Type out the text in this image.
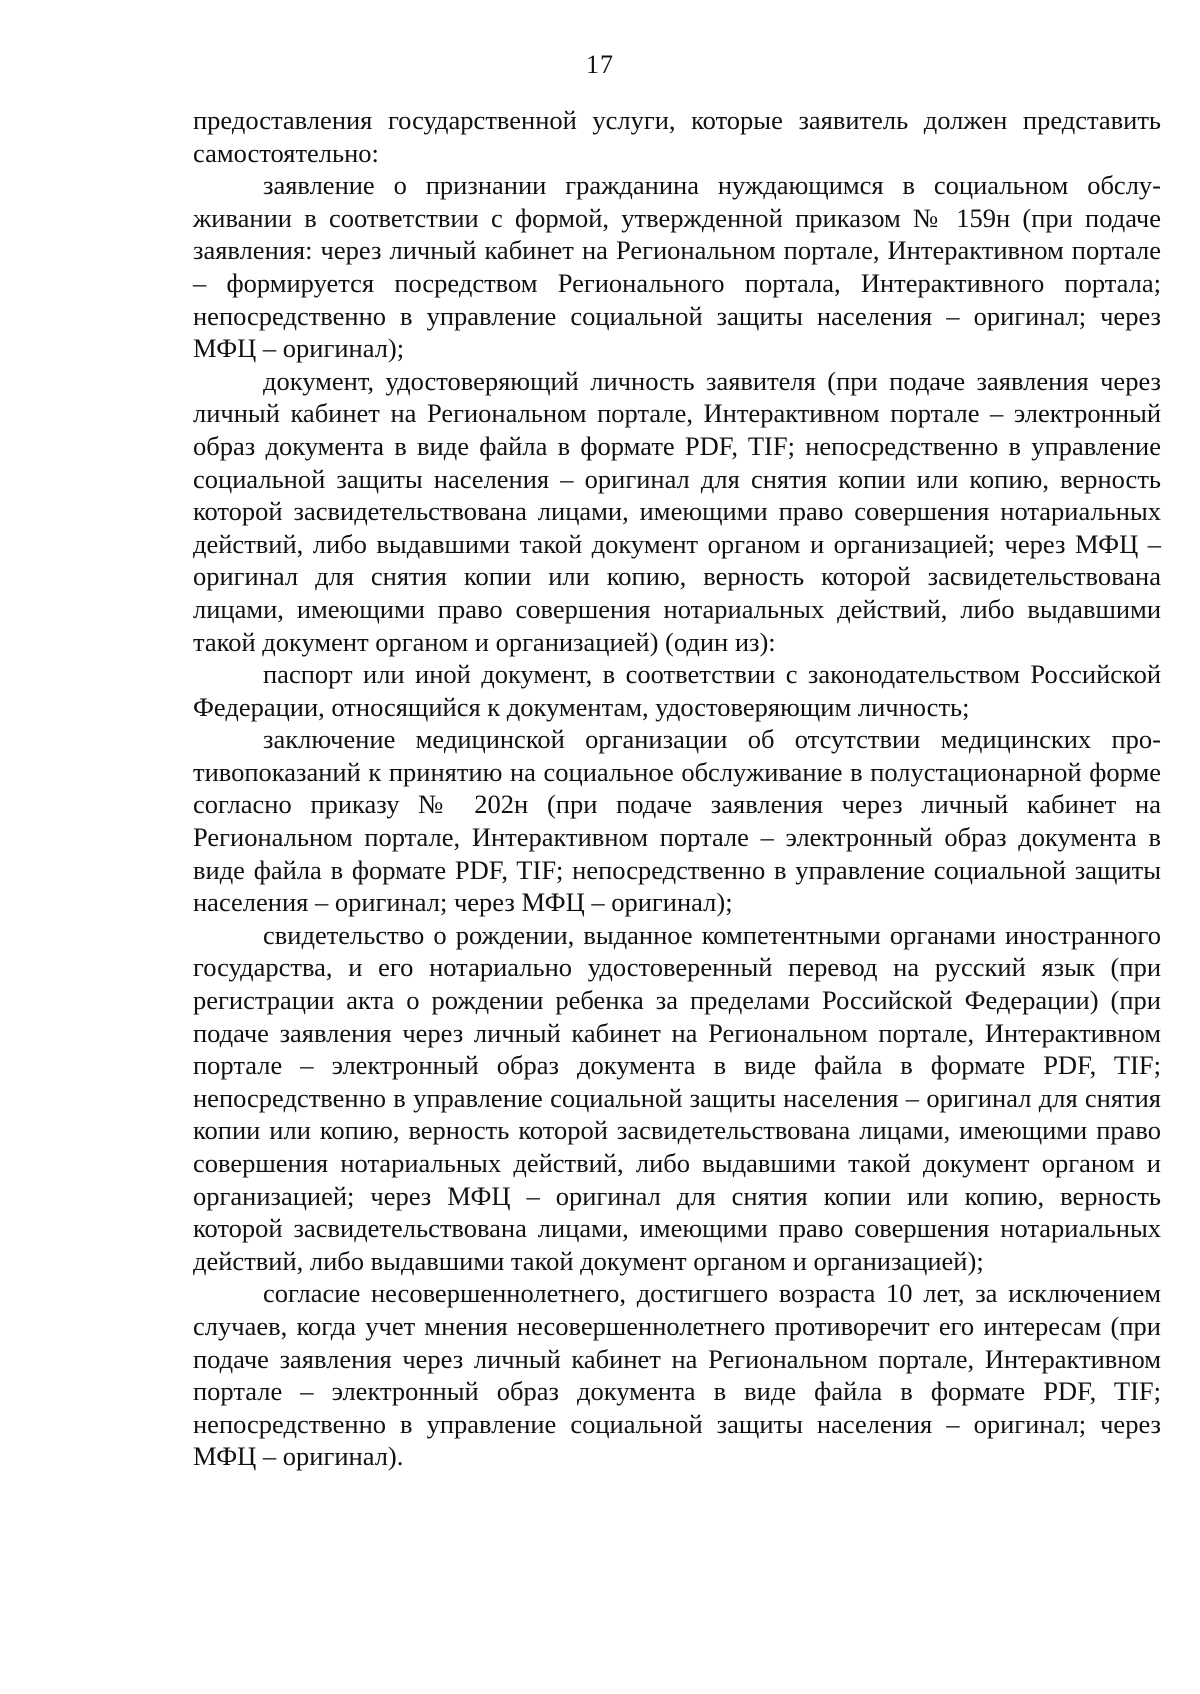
17

предоставления государственной услуги, которые заявитель должен представить самостоятельно:

заявление о признании гражданина нуждающимся в социальном обслуживании в соответствии с формой, утвержденной приказом № 159н (при подаче заявления: через личный кабинет на Региональном портале, Интерактивном портале – формируется посредством Регионального портала, Интерактивного портала; непосредственно в управление социальной защиты населения – оригинал; через МФЦ – оригинал);

документ, удостоверяющий личность заявителя (при подаче заявления через личный кабинет на Региональном портале, Интерактивном портале – электронный образ документа в виде файла в формате PDF, TIF; непосредственно в управление социальной защиты населения – оригинал для снятия копии или копию, верность которой засвидетельствована лицами, имеющими право совершения нотариальных действий, либо выдавшими такой документ органом и организацией; через МФЦ – оригинал для снятия копии или копию, верность которой засвидетельствована лицами, имеющими право совершения нотариальных действий, либо выдавшими такой документ органом и организацией) (один из):

паспорт или иной документ, в соответствии с законодательством Российской Федерации, относящийся к документам, удостоверяющим личность;

заключение медицинской организации об отсутствии медицинских противопоказаний к принятию на социальное обслуживание в полустационарной форме согласно приказу № 202н (при подаче заявления через личный кабинет на Региональном портале, Интерактивном портале – электронный образ документа в виде файла в формате PDF, TIF; непосредственно в управление социальной защиты населения – оригинал; через МФЦ – оригинал);

свидетельство о рождении, выданное компетентными органами иностранного государства, и его нотариально удостоверенный перевод на русский язык (при регистрации акта о рождении ребенка за пределами Российской Федерации) (при подаче заявления через личный кабинет на Региональном портале, Интерактивном портале – электронный образ документа в виде файла в формате PDF, TIF; непосредственно в управление социальной защиты населения – оригинал для снятия копии или копию, верность которой засвидетельствована лицами, имеющими право совершения нотариальных действий, либо выдавшими такой документ органом и организацией; через МФЦ – оригинал для снятия копии или копию, верность которой засвидетельствована лицами, имеющими право совершения нотариальных действий, либо выдавшими такой документ органом и организацией);

согласие несовершеннолетнего, достигшего возраста 10 лет, за исключением случаев, когда учет мнения несовершеннолетнего противоречит его интересам (при подаче заявления через личный кабинет на Региональном портале, Интерактивном портале – электронный образ документа в виде файла в формате PDF, TIF; непосредственно в управление социальной защиты населения – оригинал; через МФЦ – оригинал).
